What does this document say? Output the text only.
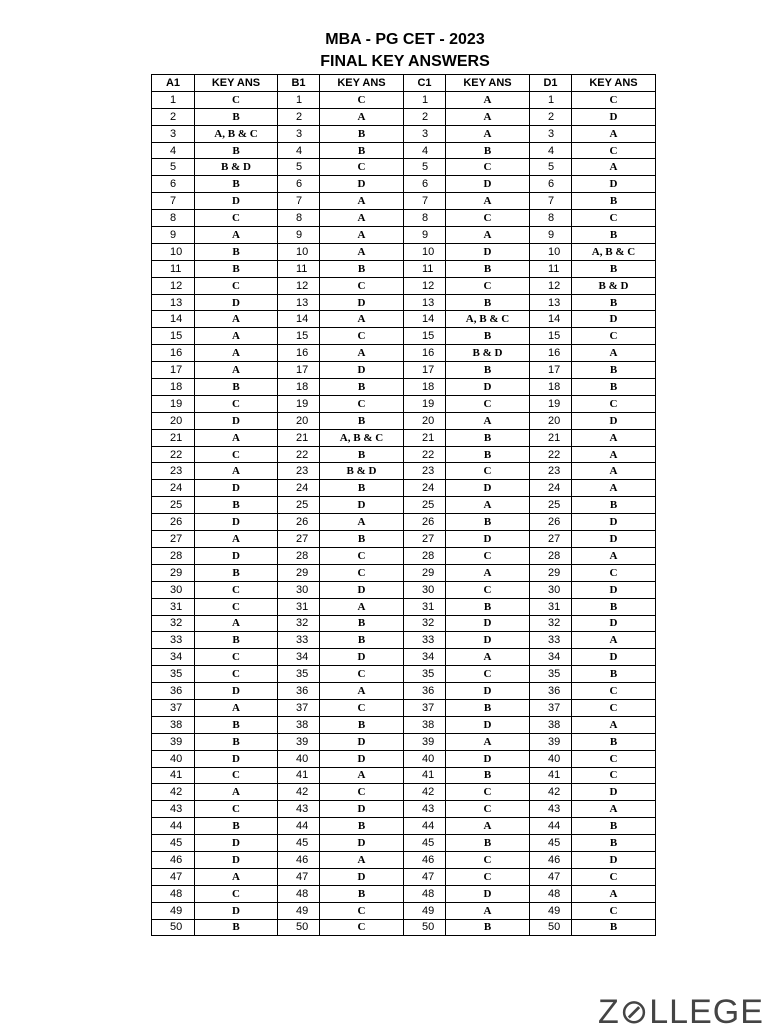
MBA - PG CET - 2023
FINAL KEY ANSWERS
A1	KEY ANS	B1	KEY ANS	C1	KEY ANS	D1	KEY ANS
1	C	1	C	1	A	1	C
2	B	2	A	2	A	2	D
3	A, B & C	3	B	3	A	3	A
4	B	4	B	4	B	4	C
5	B & D	5	C	5	C	5	A
6	B	6	D	6	D	6	D
7	D	7	A	7	A	7	B
8	C	8	A	8	C	8	C
9	A	9	A	9	A	9	B
10	B	10	A	10	D	10	A, B & C
11	B	11	B	11	B	11	B
12	C	12	C	12	C	12	B & D
13	D	13	D	13	B	13	B
14	A	14	A	14	A, B & C	14	D
15	A	15	C	15	B	15	C
16	A	16	A	16	B & D	16	A
17	A	17	D	17	B	17	B
18	B	18	B	18	D	18	B
19	C	19	C	19	C	19	C
20	D	20	B	20	A	20	D
21	A	21	A, B & C	21	B	21	A
22	C	22	B	22	B	22	A
23	A	23	B & D	23	C	23	A
24	D	24	B	24	D	24	A
25	B	25	D	25	A	25	B
26	D	26	A	26	B	26	D
27	A	27	B	27	D	27	D
28	D	28	C	28	C	28	A
29	B	29	C	29	A	29	C
30	C	30	D	30	C	30	D
31	C	31	A	31	B	31	B
32	A	32	B	32	D	32	D
33	B	33	B	33	D	33	A
34	C	34	D	34	A	34	D
35	C	35	C	35	C	35	B
36	D	36	A	36	D	36	C
37	A	37	C	37	B	37	C
38	B	38	B	38	D	38	A
39	B	39	D	39	A	39	B
40	D	40	D	40	D	40	C
41	C	41	A	41	B	41	C
42	A	42	C	42	C	42	D
43	C	43	D	43	C	43	A
44	B	44	B	44	A	44	B
45	D	45	D	45	B	45	B
46	D	46	A	46	C	46	D
47	A	47	D	47	C	47	C
48	C	48	B	48	D	48	A
49	D	49	C	49	A	49	C
50	B	50	C	50	B	50	B
Z⊘LLEGE
